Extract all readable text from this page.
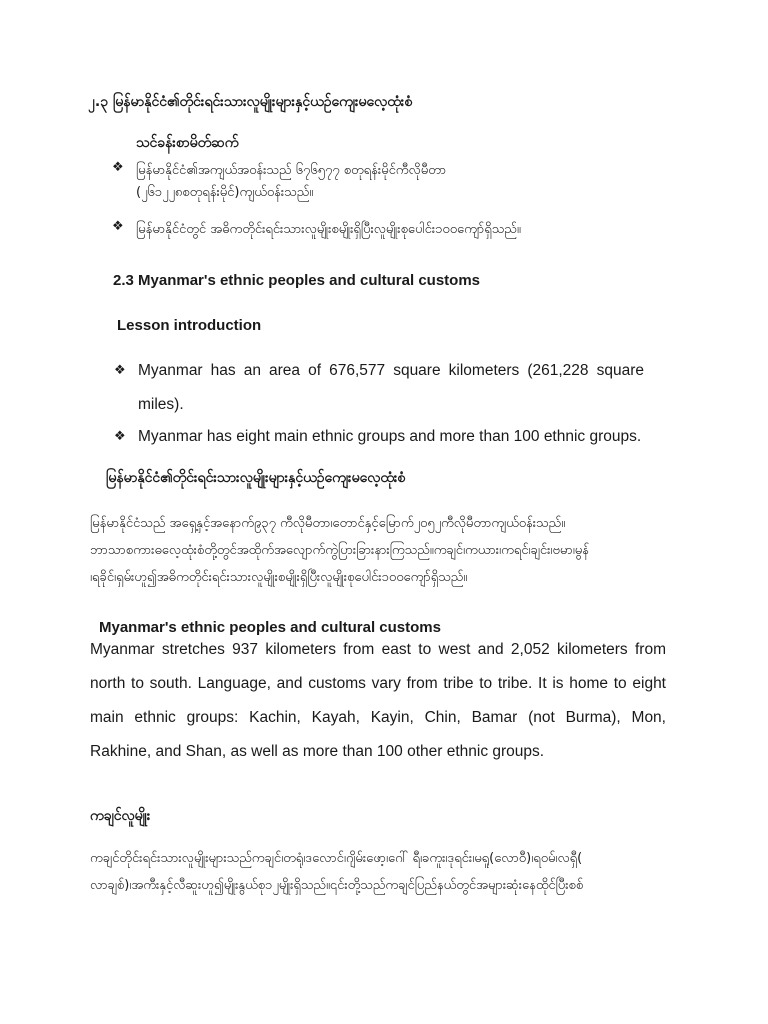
၂.၃ မြန်မာနိုင်ငံ၏တိုင်းရင်းသားလူမျိုးများနှင့်ယဉ်ကျေးမလေ့ထုံးစံ
သင်ခန်းစာမိတ်ဆက်
❖ မြန်မာနိုင်ငံ၏အကျယ်အဝန်းသည် ၆၇၆၅၇၇ စတုရန်းမိုင်ကီလိုမီတာ
(၂၆၁၂၂၈စတုရန်းမိုင်)ကျယ်ဝန်းသည်။
❖ မြန်မာနိုင်ငံတွင် အဓိကတိုင်းရင်းသားလူမျိုးစမျိုးရှိပြီးလူမျိုးစုပေါင်း၁၀၀ကျော်ရှိသည်။
2.3 Myanmar's ethnic peoples and cultural customs
Lesson introduction
❖ Myanmar has an area of 676,577 square kilometers (261,228 square miles).
❖ Myanmar has eight main ethnic groups and more than 100 ethnic groups.
မြန်မာနိုင်ငံ၏တိုင်းရင်းသားလူမျိုးများနှင့်ယဉ်ကျေးမလေ့ထုံးစံ
မြန်မာနိုင်ငံသည် အရှေ့နှင့်အနောက်၉၃၇ ကီလိုမီတာ၊တောင်နှင့်မြောက်၂၀၅၂ကီလိုမီတာကျယ်ဝန်းသည်။
ဘာသာစကားဓလေ့ထုံးစံတို့တွင်အထိုက်အလျောက်ကွဲပြားခြားနားကြသည်။ကချင်၊ကယား၊ကရင်၊ချင်း၊ဗမာ၊မွန်
၊ရခိုင်၊ရှမ်းဟူ၍အဓိကတိုင်းရင်းသားလူမျိုးစမျိုးရှိပြီးလူမျိုးစုပေါင်း၁၀၀ကျော်ရှိသည်။
Myanmar's ethnic peoples and cultural customs
Myanmar stretches 937 kilometers from east to west and 2,052 kilometers from north to south. Language, and customs vary from tribe to tribe. It is home to eight main ethnic groups: Kachin, Kayah, Kayin, Chin, Bamar (not Burma), Mon, Rakhine, and Shan, as well as more than 100 other ethnic groups.
ကချင်လူမျိုး
ကချင်တိုင်းရင်းသားလူမျိုးများသည်ကချင်၊တရုံ၊ဒလောင်၊ဂျိမ်းဖော့၊ဂေါ် ရီ၊ခကူး၊ဒုရင်း၊မရူ(လောဝီ)၊ရဝမ်၊လရှီ(
လာချစ်)၊အကီးနှင့်လီဆူးဟူ၍မျိုးနွယ်စု၁၂မျိုးရှိသည်။၎င်းတို့သည်ကချင်ပြည်နယ်တွင်အများဆုံးနေထိုင်ပြီးစစ်
